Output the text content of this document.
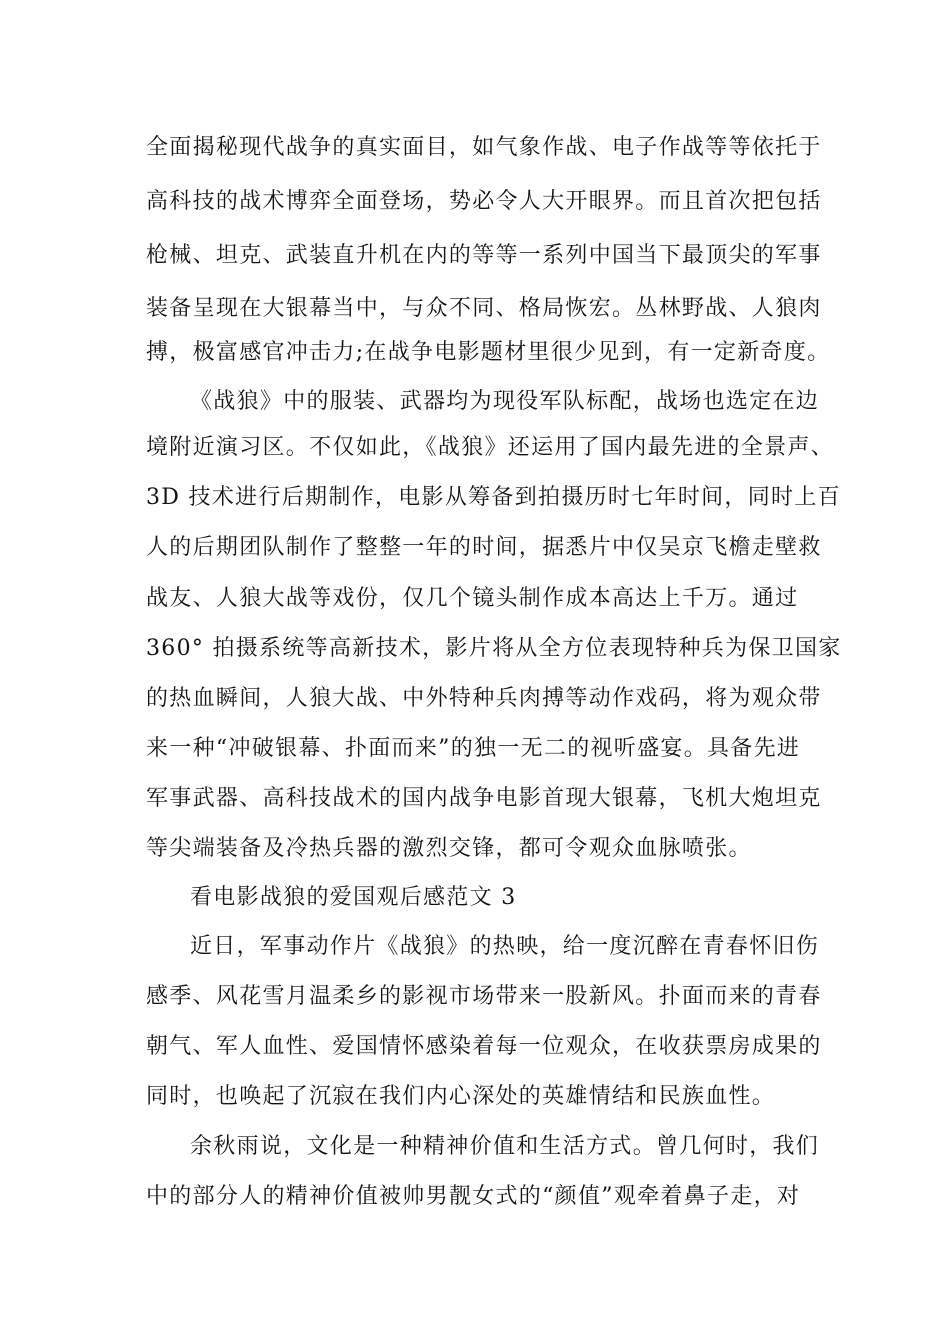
全面揭秘现代战争的真实面目，如气象作战、电子作战等等依托于

高科技的战术博弈全面登场，势必令人大开眼界。而且首次把包括

枪械、坦克、武装直升机在内的等等一系列中国当下最顶尖的军事

装备呈现在大银幕当中，与众不同、格局恢宏。丛林野战、人狼肉

搏，极富感官冲击力;在战争电影题材里很少见到，有一定新奇度。

《战狼》中的服装、武器均为现役军队标配，战场也选定在边

境附近演习区。不仅如此，《战狼》还运用了国内最先进的全景声、

3D 技术进行后期制作，电影从筹备到拍摄历时七年时间，同时上百

人的后期团队制作了整整一年的时间，据悉片中仅吴京飞檐走壁救

战友、人狼大战等戏份，仅几个镜头制作成本高达上千万。通过

360° 拍摄系统等高新技术，影片将从全方位表现特种兵为保卫国家

的热血瞬间，人狼大战、中外特种兵肉搏等动作戏码，将为观众带

来一种“冲破银幕、扑面而来”的独一无二的视听盛宴。具备先进

军事武器、高科技战术的国内战争电影首现大银幕，飞机大炮坦克

等尖端装备及冷热兵器的激烈交锋，都可令观众血脉喷张。

看电影战狼的爱国观后感范文 3

近日，军事动作片《战狼》的热映，给一度沉醉在青春怀旧伤

感季、风花雪月温柔乡的影视市场带来一股新风。扑面而来的青春

朝气、军人血性、爱国情怀感染着每一位观众，在收获票房成果的

同时，也唤起了沉寂在我们内心深处的英雄情结和民族血性。

余秋雨说，文化是一种精神价值和生活方式。曾几何时，我们

中的部分人的精神价值被帅男靓女式的“颜值”观牵着鼻子走，对
